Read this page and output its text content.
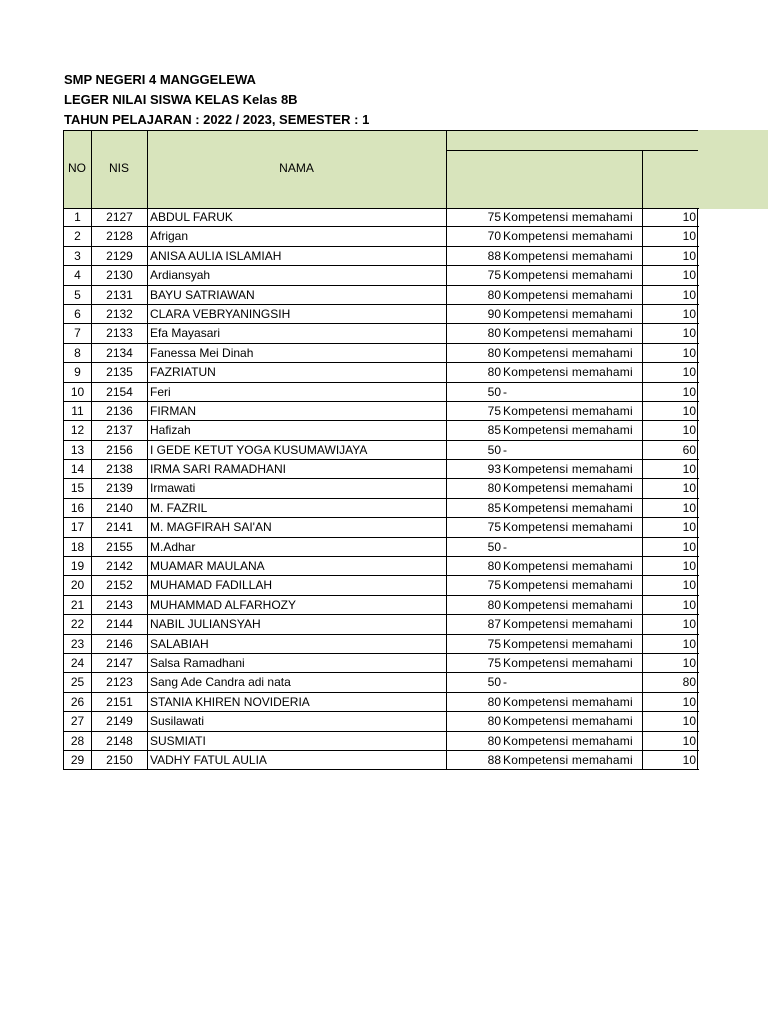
SMP NEGERI 4 MANGGELEWA
LEGER NILAI SISWA KELAS Kelas 8B
TAHUN PELAJARAN : 2022 / 2023, SEMESTER : 1
NO	NIS	NAMA
1	2127	ABDUL FARUK	75 Kompetensi memahami	10
2	2128	Afrigan	70 Kompetensi memahami	10
3	2129	ANISA AULIA ISLAMIAH	88 Kompetensi memahami	10
4	2130	Ardiansyah	75 Kompetensi memahami	10
5	2131	BAYU SATRIAWAN	80 Kompetensi memahami	10
6	2132	CLARA VEBRYANINGSIH	90 Kompetensi memahami	10
7	2133	Efa Mayasari	80 Kompetensi memahami	10
8	2134	Fanessa Mei Dinah	80 Kompetensi memahami	10
9	2135	FAZRIATUN	80 Kompetensi memahami	10
10	2154	Feri	50 -	10
11	2136	FIRMAN	75 Kompetensi memahami	10
12	2137	Hafizah	85 Kompetensi memahami	10
13	2156	I GEDE KETUT YOGA KUSUMAWIJAYA	50 -	60
14	2138	IRMA SARI RAMADHANI	93 Kompetensi memahami	10
15	2139	Irmawati	80 Kompetensi memahami	10
16	2140	M. FAZRIL	85 Kompetensi memahami	10
17	2141	M. MAGFIRAH SAI'AN	75 Kompetensi memahami	10
18	2155	M.Adhar	50 -	10
19	2142	MUAMAR MAULANA	80 Kompetensi memahami	10
20	2152	MUHAMAD FADILLAH	75 Kompetensi memahami	10
21	2143	MUHAMMAD ALFARHOZY	80 Kompetensi memahami	10
22	2144	NABIL JULIANSYAH	87 Kompetensi memahami	10
23	2146	SALABIAH	75 Kompetensi memahami	10
24	2147	Salsa Ramadhani	75 Kompetensi memahami	10
25	2123	Sang Ade Candra adi nata	50 -	80
26	2151	STANIA KHIREN NOVIDERIA	80 Kompetensi memahami	10
27	2149	Susilawati	80 Kompetensi memahami	10
28	2148	SUSMIATI	80 Kompetensi memahami	10
29	2150	VADHY FATUL AULIA	88 Kompetensi memahami	10
